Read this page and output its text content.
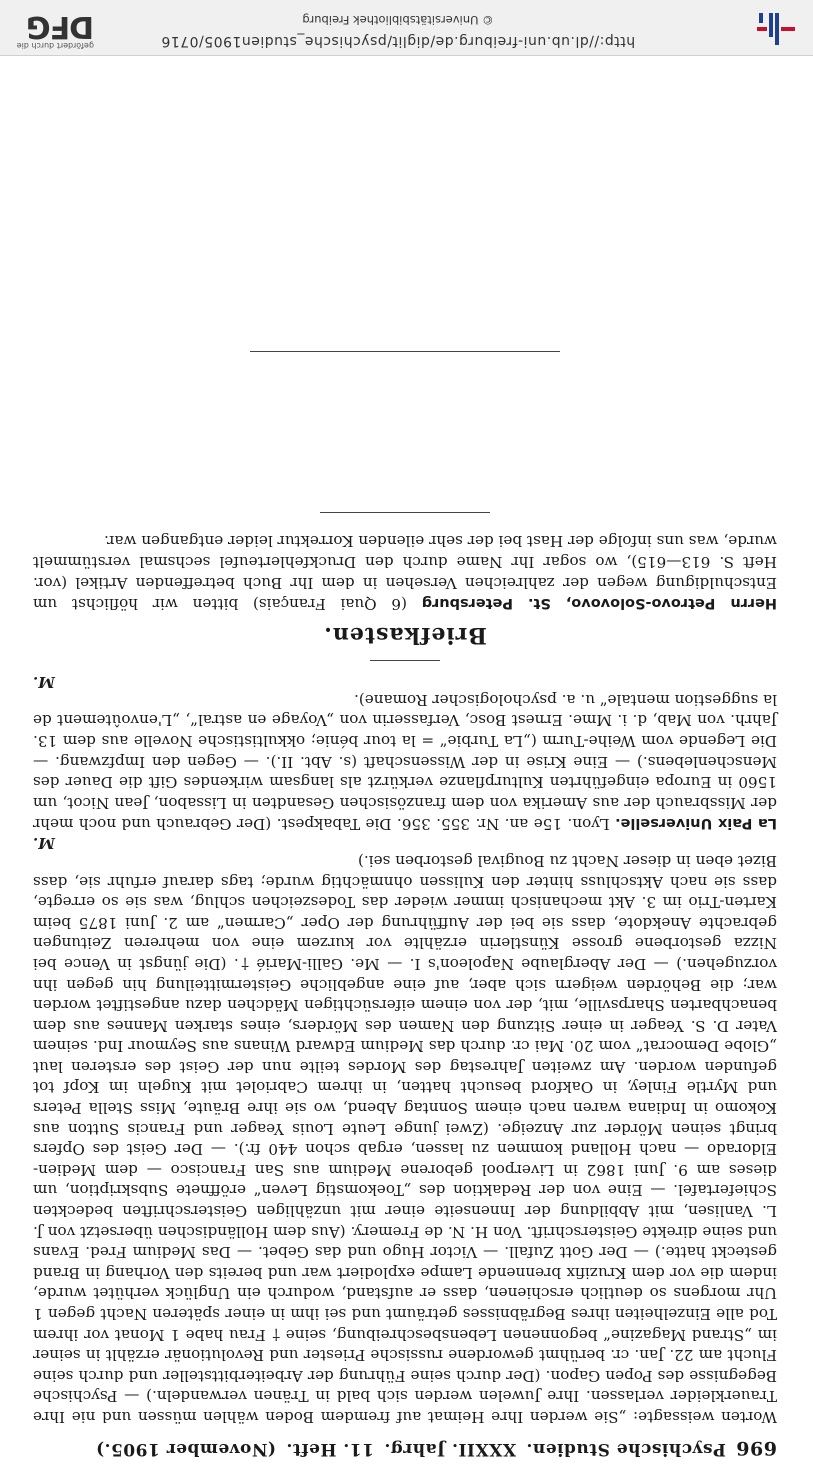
696
Psychische Studien.
XXXII. Jahrg.
11. Heft.
(November 1905.)

Worten weissagte: „Sie werden Ihre Heimat auf fremdem Boden wählen müssen und nie Ihre Trauerkleider verlassen. Ihre Juwelen werden sich bald in Tränen verwandeln.) — Psychische Begegnisse des Popen Gapon. (Der durch seine Führung der Arbeiterbittsteller und durch seine Flucht am 22. Jan. cr. berühmt gewordene russische Priester und Revolutionär erzählt in seiner im „Strand Magazine“ begonnenen Lebensbeschreibung, seine † Frau habe 1 Monat vor ihrem Tod alle Einzelheiten ihres Begräbnisses geträumt und sei ihm in einer späteren Nacht gegen 1 Uhr morgens so deutlich erschienen, dass er aufstand, wodurch ein Unglück verhütet wurde, indem die vor dem Kruzifix brennende Lampe explodiert war und bereits den Vorhang in Brand gesteckt hatte.) — Der Gott Zufall. — Victor Hugo und das Gebet. — Das Medium Fred. Evans und seine direkte Geisterschrift. Von H. N. de Fremery. (Aus dem Holländischen übersetzt von J. L. Vanlisen, mit Abbildung der Innenseite einer mit unzähligen Geisterschriften bedeckten Schiefertafel. — Eine von der Redaktion des „Toekomstig Leven“ eröffnete Subskription, um dieses am 9. Juni 1862 in Liverpool geborene Medium aus San Francisco — dem Medien-Eldorado — nach Holland kommen zu lassen, ergab schon 440 fr.). — Der Geist des Opfers bringt seinen Mörder zur Anzeige. (Zwei junge Leute Louis Yeager und Francis Sutton aus Kokomo in Indiana waren nach einem Sonntag Abend, wo sie ihre Bräute, Miss Stella Peters und Myrtle Finley, in Oakford besucht hatten, in ihrem Cabriolet mit Kugeln im Kopf tot gefunden worden. Am zweiten Jahrestag des Mordes teilte nun der Geist des ersteren laut „Globe Democrat“ vom 20. Mai cr. durch das Medium Edward Winans aus Seymour Ind. seinem Vater D. S. Yeager in einer Sitzung den Namen des Mörders, eines starken Mannes aus dem benachbarten Sharpsville, mit, der von einem eifersüchtigen Mädchen dazu angestiftet worden war; die Behörden weigern sich aber, auf eine angebliche Geistermitteilung hin gegen ihn vorzugehen.) — Der Aberglaube Napoleon's I. — Me. Galli-Marié †. (Die jüngst in Vence bei Nizza gestorbene grosse Künstlerin erzählte vor kurzem eine von mehreren Zeitungen gebrachte Anekdote, dass sie bei der Aufführung der Oper „Carmen“ am 2. Juni 1875 beim Karten-Trio im 3. Akt mechanisch immer wieder das Todeszeichen schlug, was sie so erregte, dass sie nach Aktschluss hinter den Kulissen ohnmächtig wurde; tags darauf erfuhr sie, dass Bizet eben in dieser Nacht zu Bougival gestorben sei.)

M.

La Paix Universelle. Lyon. 15e an. Nr. 355. 356. Die Tabakpest. (Der Gebrauch und noch mehr der Missbrauch der aus Amerika von dem französischen Gesandten in Lissabon, Jean Nicot, um 1560 in Europa eingeführten Kulturpflanze verkürzt als langsam wirkendes Gift die Dauer des Menschenlebens.) — Eine Krise in der Wissenschaft (s. Abt. II.). — Gegen den Impfzwang. — Die Legende vom Weihe-Turm („La Turbie“ = la tour bénie; okkultistische Novelle aus dem 13. Jahrh. von Mab, d. i. Mme. Ernest Bosc, Verfasserin von „Voyage en astral“, „L'envoûtement de la suggestion mentale“ u. a. psychologischer Romane).

M.
Briefkasten.

Herrn Petrovo-Solovovo, St. Petersburg (6 Quai Français) bitten wir höflichst um Entschuldigung wegen der zahlreichen Versehen in dem Ihr Buch betreffenden Artikel (vor. Heft S. 613—615), wo sogar Ihr Name durch den Druckfehlerteufel sechsmal verstümmelt wurde, was uns infolge der Hast bei der sehr eilenden Korrektur leider entgangen war.

http://dl.ub.uni-freiburg.de/diglit/psychische_studien1905/0716
© Universitätsbibliothek Freiburg
gefördert durch die
DFG
